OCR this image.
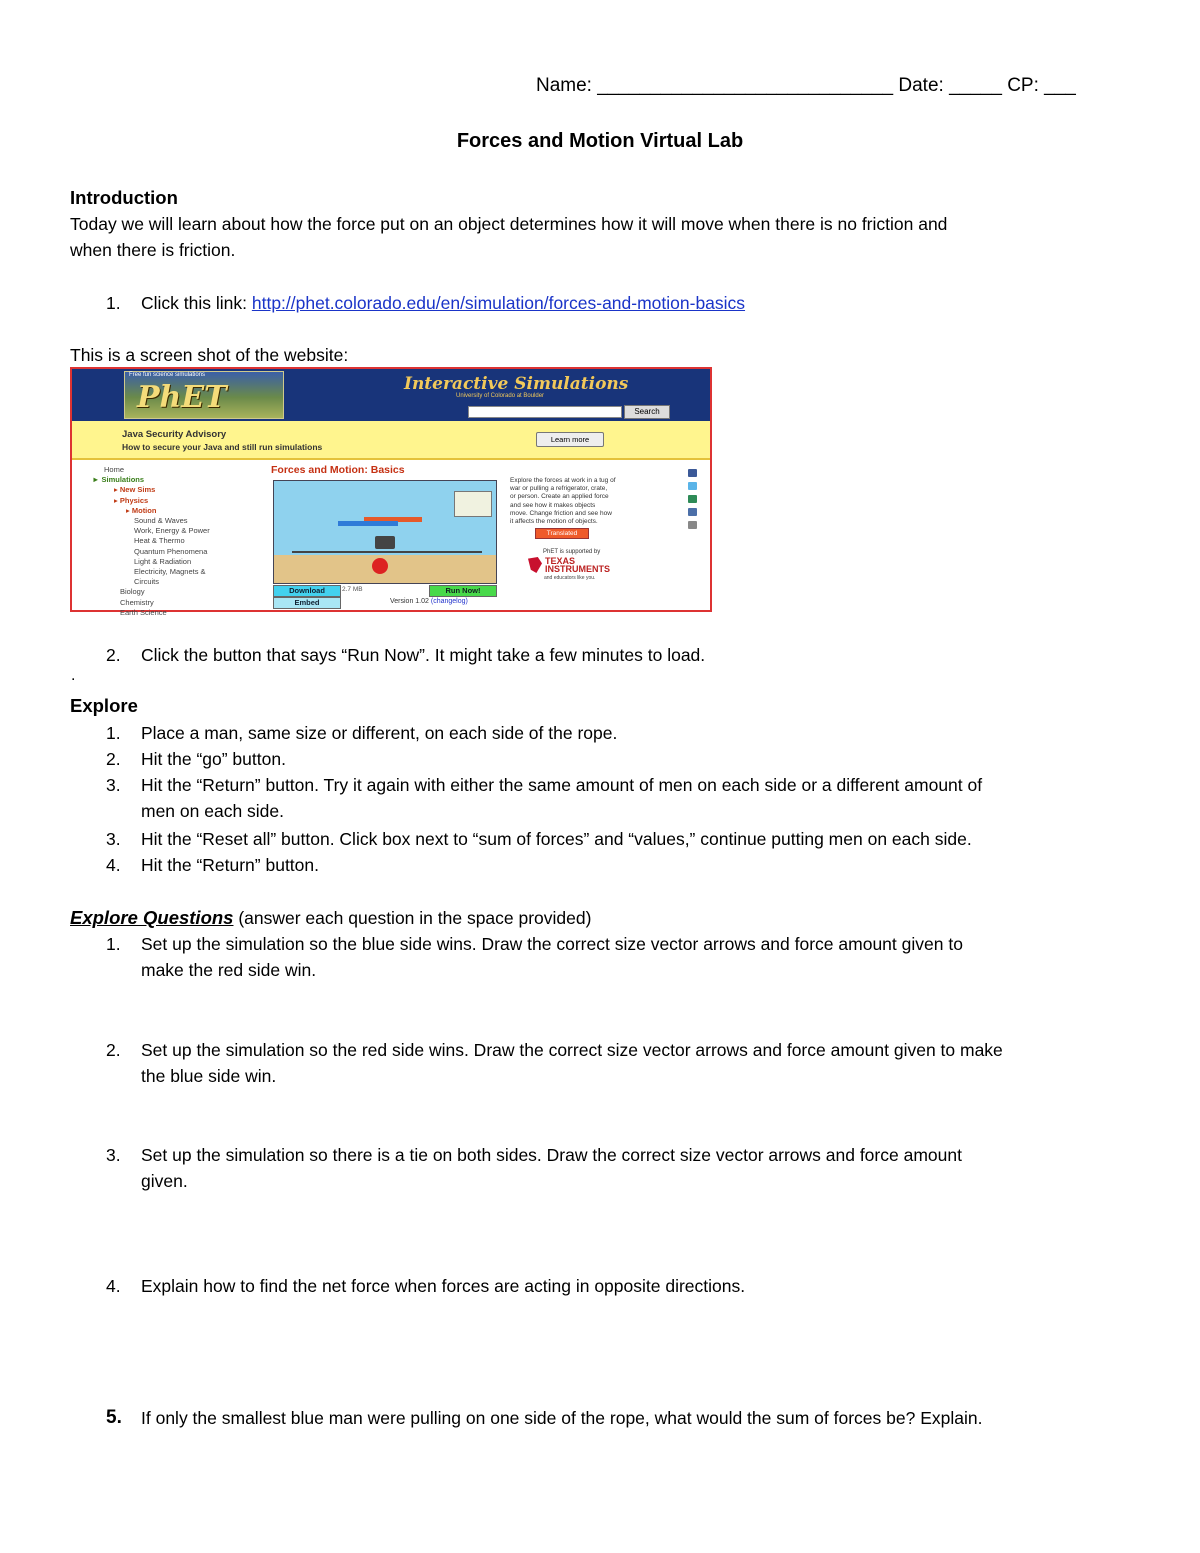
Name: ____________________________ Date: _____ CP: ___
Forces and Motion Virtual Lab
Introduction
Today we will learn about how the force put on an object determines how it will move when there is no friction and
when there is friction.
1. Click this link: http://phet.colorado.edu/en/simulation/forces-and-motion-basics
This is a screen shot of the website:
Free fun science simulations
PhET	Interactive Simulations
University of Colorado at Boulder
Search
Java Security Advisory
How to secure your Java and still run simulations
Learn more
Home
► Simulations
▸ New Sims
▸ Physics
▸ Motion
Sound & Waves
Work, Energy & Power
Heat & Thermo
Quantum Phenomena
Light & Radiation
Electricity, Magnets &
Circuits
Biology
Chemistry
Earth Science
Forces and Motion: Basics
Download	2.7 MB	Run Now!
Embed	Version 1.02 (changelog)
Explore the forces at work in a tug of
war or pulling a refrigerator, crate,
or person. Create an applied force
and see how it makes objects
move. Change friction and see how
it affects the motion of objects.
Translated Versions
PhET is supported by
TEXAS
INSTRUMENTS
and educators like you.
2. Click the button that says “Run Now”. It might take a few minutes to load.
.
Explore
1. Place a man, same size or different, on each side of the rope.
2. Hit the “go” button.
3. Hit the “Return” button. Try it again with either the same amount of men on each side or a different amount of
men on each side.
3. Hit the “Reset all” button. Click box next to “sum of forces” and “values,” continue putting men on each side.
4. Hit the “Return” button.
Explore Questions (answer each question in the space provided)
1. Set up the simulation so the blue side wins. Draw the correct size vector arrows and force amount given to
make the red side win.
2. Set up the simulation so the red side wins. Draw the correct size vector arrows and force amount given to make
the blue side win.
3. Set up the simulation so there is a tie on both sides. Draw the correct size vector arrows and force amount
given.
4. Explain how to find the net force when forces are acting in opposite directions.
5. If only the smallest blue man were pulling on one side of the rope, what would the sum of forces be? Explain.
